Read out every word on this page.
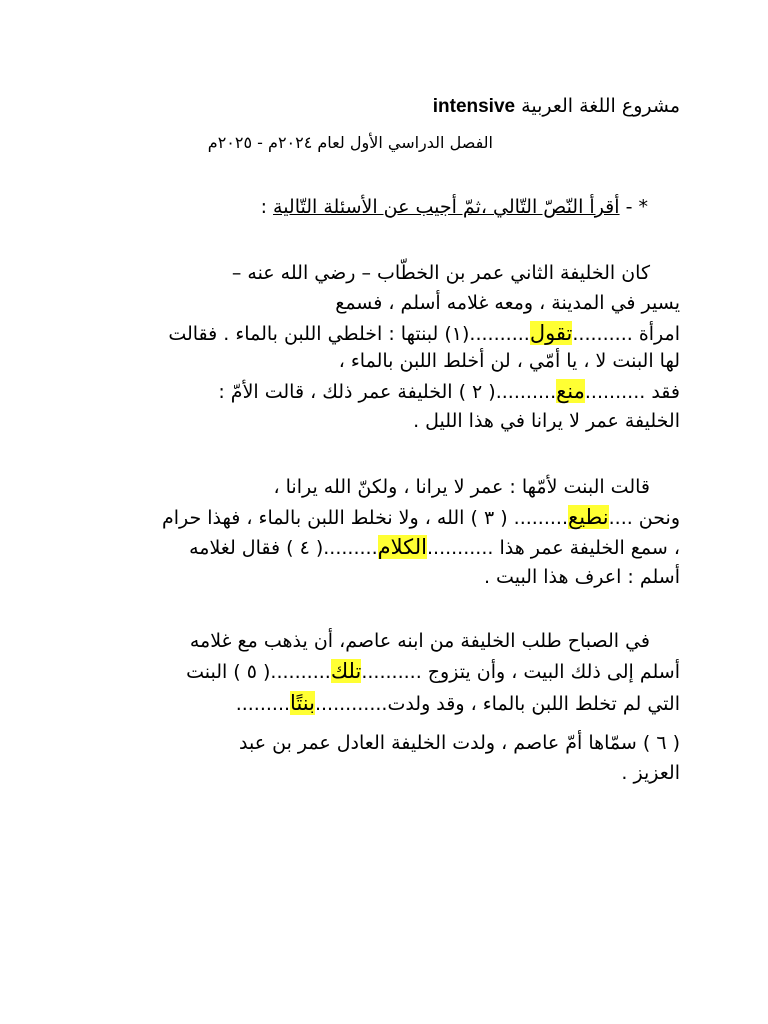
مشروع اللغة العربية intensive
الفصل الدراسي الأول لعام ٢٠٢٤م - ٢٠٢٥م
* - أقرأ النّصّ التّالي ،ثمّ أجيب عن الأسئلة التّالية :
كان الخليفة الثاني عمر بن الخطّاب – رضي الله عنه –
يسير في المدينة ، ومعه غلامه أسلم ، فسمع
امرأة ..........تقول..........(١) لبنتها : اخلطي اللبن بالماء . فقالت
لها البنت لا ، يا أمّي ، لن أخلط اللبن بالماء ،
فقد ..........منع..........( ٢ ) الخليفة عمر ذلك ، قالت الأمّ :
الخليفة عمر لا يرانا في هذا الليل .
قالت البنت لأمّها : عمر لا يرانا ، ولكنّ الله يرانا ،
ونحن ....نطيع......... ( ٣ ) الله ، ولا نخلط اللبن بالماء ، فهذا حرام
، سمع الخليفة عمر هذا ...........الكلام.........( ٤ ) فقال لغلامه
أسلم : اعرف هذا البيت .
في الصباح طلب الخليفة من ابنه عاصم، أن يذهب مع غلامه
أسلم إلى ذلك البيت ، وأن يتزوج ..........تلك..........( ٥ ) البنت
التي لم تخلط اللبن بالماء ، وقد ولدت............بنتًا.........
( ٦ ) سمّاها أمّ عاصم ، ولدت الخليفة العادل عمر بن عبد
العزيز .
